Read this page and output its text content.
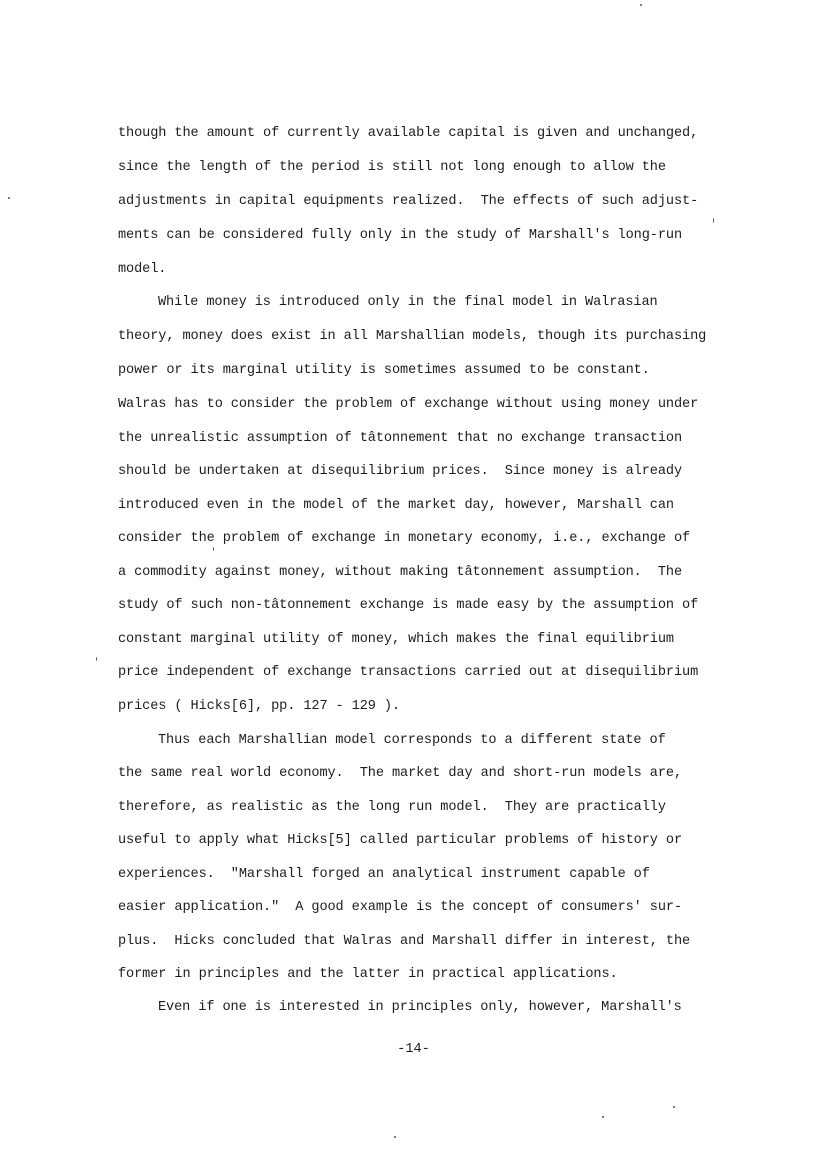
though the amount of currently available capital is given and unchanged,
since the length of the period is still not long enough to allow the
adjustments in capital equipments realized.  The effects of such adjust-
ments can be considered fully only in the study of Marshall's long-run
model.
While money is introduced only in the final model in Walrasian
theory, money does exist in all Marshallian models, though its purchasing
power or its marginal utility is sometimes assumed to be constant.
Walras has to consider the problem of exchange without using money under
the unrealistic assumption of tâtonnement that no exchange transaction
should be undertaken at disequilibrium prices.  Since money is already
introduced even in the model of the market day, however, Marshall can
consider the problem of exchange in monetary economy, i.e., exchange of
a commodity against money, without making tâtonnement assumption.  The
study of such non-tâtonnement exchange is made easy by the assumption of
constant marginal utility of money, which makes the final equilibrium
price independent of exchange transactions carried out at disequilibrium
prices ( Hicks[6], pp. 127 - 129 ).
Thus each Marshallian model corresponds to a different state of
the same real world economy.  The market day and short-run models are,
therefore, as realistic as the long run model.  They are practically
useful to apply what Hicks[5] called particular problems of history or
experiences.  "Marshall forged an analytical instrument capable of
easier application."  A good example is the concept of consumers' sur-
plus.  Hicks concluded that Walras and Marshall differ in interest, the
former in principles and the latter in practical applications.
Even if one is interested in principles only, however, Marshall's
-14-
